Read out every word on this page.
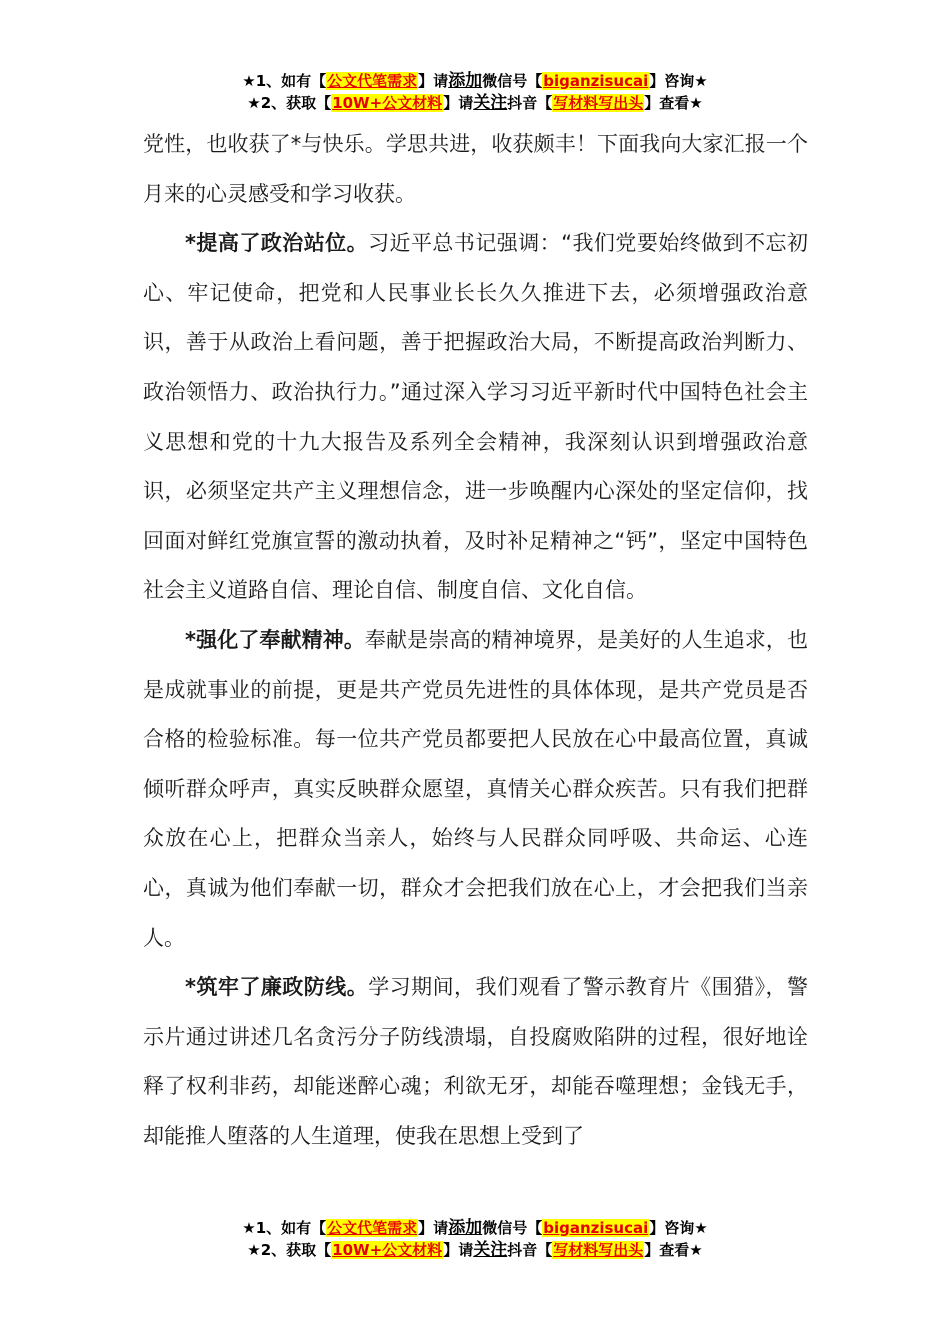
★1、如有【公文代笔需求】请添加微信号【biganzisucai】咨询★
★2、获取【10W+公文材料】请关注抖音【写材料写出头】查看★

党性，也收获了*与快乐。学思共进，收获颇丰！下面我向大家汇报一个月来的心灵感受和学习收获。

*提高了政治站位。习近平总书记强调：“我们党要始终做到不忘初心、牢记使命，把党和人民事业长长久久推进下去，必须增强政治意识，善于从政治上看问题，善于把握政治大局，不断提高政治判断力、政治领悟力、政治执行力。”通过深入学习习近平新时代中国特色社会主义思想和党的十九大报告及系列全会精神，我深刻认识到增强政治意识，必须坚定共产主义理想信念，进一步唤醒内心深处的坚定信仰，找回面对鲜红党旗宣誓的激动执着，及时补足精神之“钙”，坚定中国特色社会主义道路自信、理论自信、制度自信、文化自信。

*强化了奉献精神。奉献是崇高的精神境界，是美好的人生追求，也是成就事业的前提，更是共产党员先进性的具体体现，是共产党员是否合格的检验标准。每一位共产党员都要把人民放在心中最高位置，真诚倾听群众呼声，真实反映群众愿望，真情关心群众疾苦。只有我们把群众放在心上，把群众当亲人，始终与人民群众同呼吸、共命运、心连心，真诚为他们奉献一切，群众才会把我们放在心上，才会把我们当亲人。

*筑牢了廉政防线。学习期间，我们观看了警示教育片《围猎》，警示片通过讲述几名贪污分子防线溃塌，自投腐败陷阱的过程，很好地诠释了权利非药，却能迷醉心魂；利欲无牙，却能吞噬理想；金钱无手，却能推人堕落的人生道理，使我在思想上受到了

★1、如有【公文代笔需求】请添加微信号【biganzisucai】咨询★
★2、获取【10W+公文材料】请关注抖音【写材料写出头】查看★
